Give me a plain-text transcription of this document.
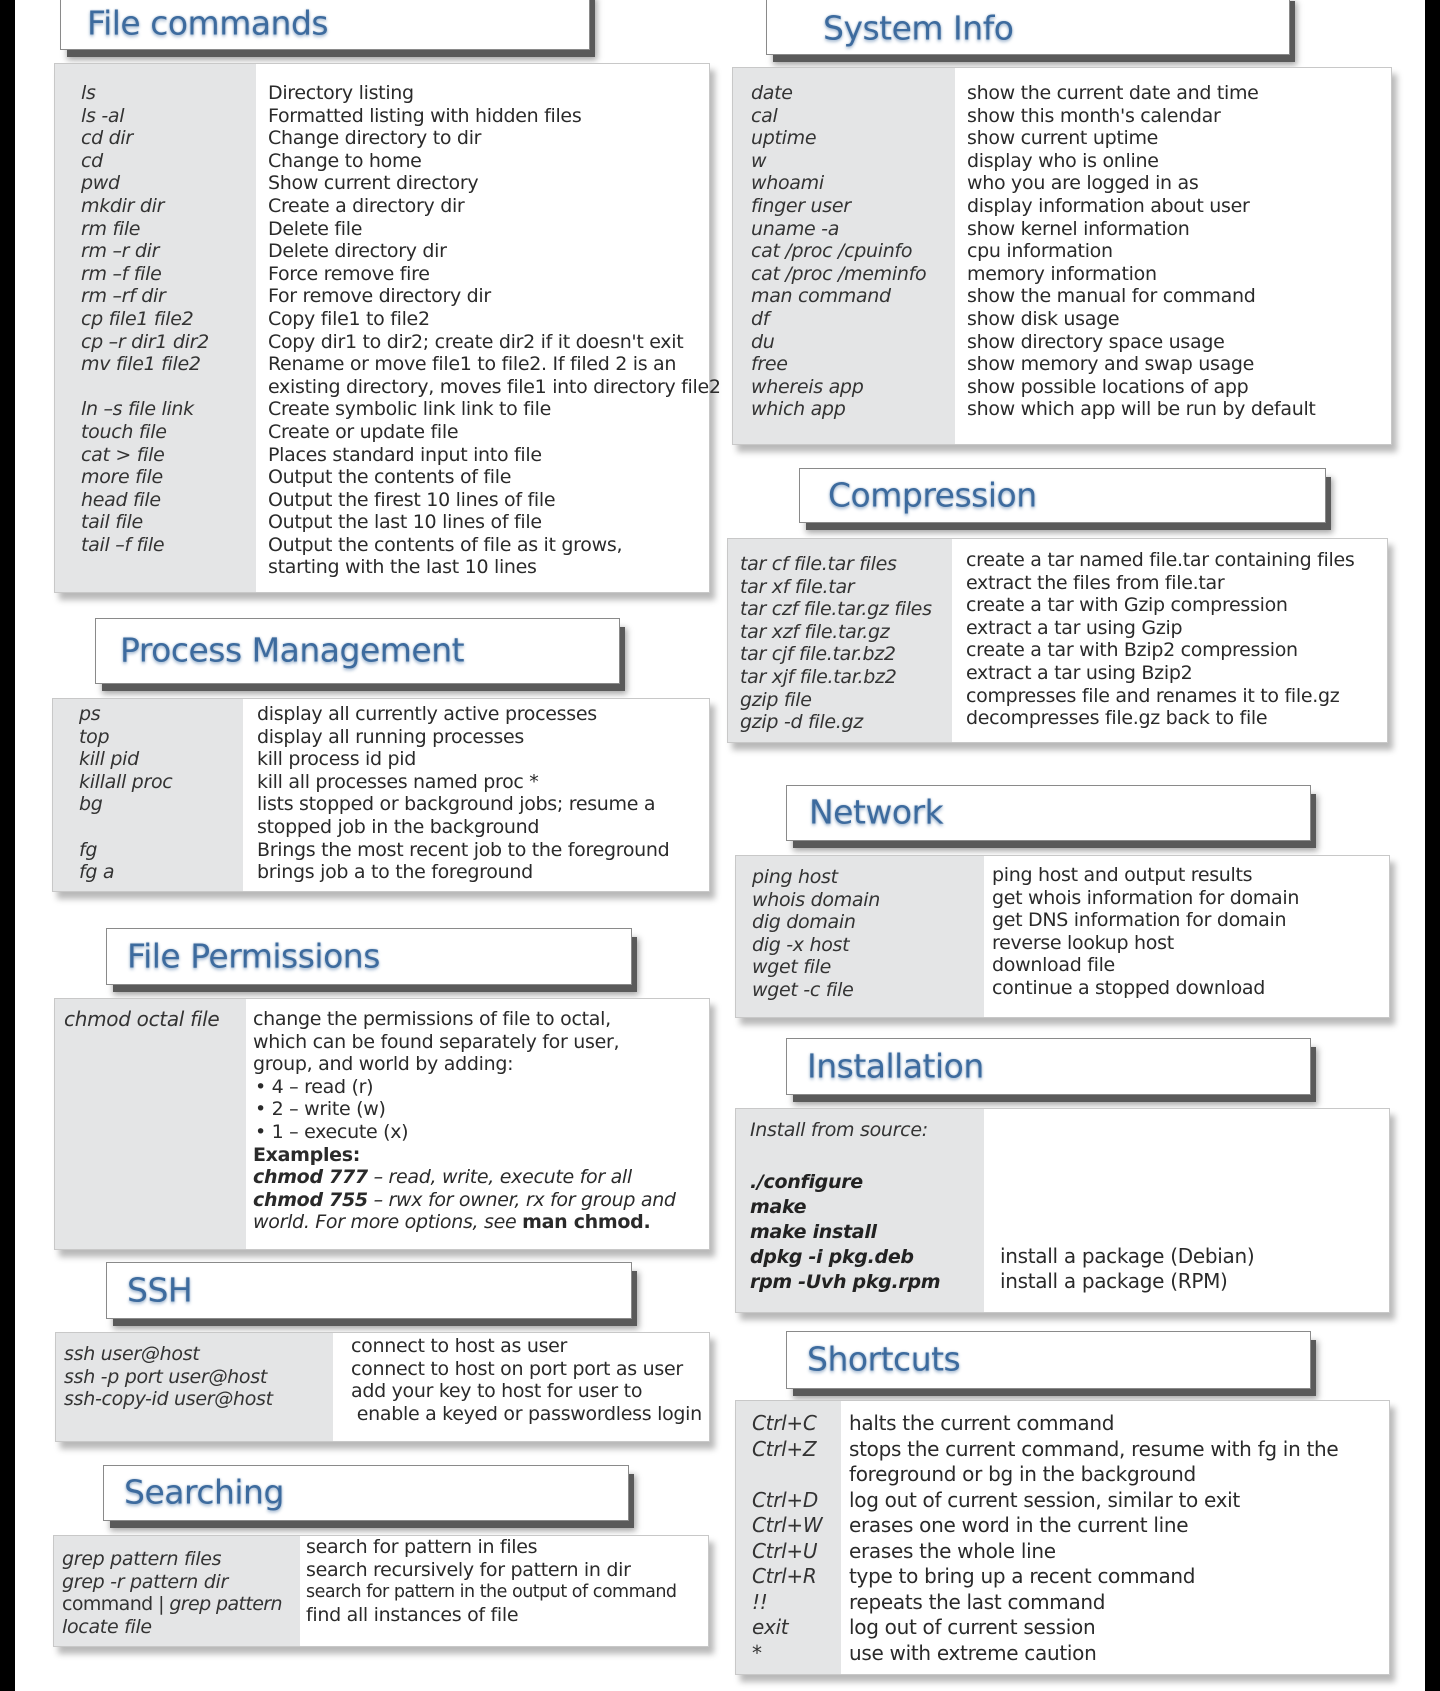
File commands
ls
ls -al
cd dir
cd
pwd
mkdir dir
rm file
rm –r dir
rm –f file
rm –rf dir
cp file1 file2
cp –r dir1 dir2
mv file1 file2
ln –s file link
touch file
cat > file
more file
head file
tail file
tail –f file
Directory listing
Formatted listing with hidden files
Change directory to dir
Change to home
Show current directory
Create a directory dir
Delete file
Delete directory dir
Force remove fire
For remove directory dir
Copy file1 to file2
Copy dir1 to dir2; create dir2 if it doesn't exit
Rename or move file1 to file2. If filed 2 is an
existing directory, moves file1 into directory file2
Create symbolic link link to file
Create or update file
Places standard input into file
Output the contents of file
Output the firest 10 lines of file
Output the last 10 lines of file
Output the contents of file as it grows,
starting with the last 10 lines
System Info
date
cal
uptime
w
whoami
finger user
uname -a
cat /proc /cpuinfo
cat /proc /meminfo
man command
df
du
free
whereis app
which app
show the current date and time
show this month's calendar
show current uptime
display who is online
who you are logged in as
display information about user
show kernel information
cpu information
memory information
show the manual for command
show disk usage
show directory space usage
show memory and swap usage
show possible locations of app
show which app will be run by default
Process Management
ps
top
kill pid
killall proc
bg
fg
fg a
display all currently active processes
display all running processes
kill process id pid
kill all processes named proc *
lists stopped or background jobs; resume a
stopped job in the background
Brings the most recent job to the foreground
brings job a to the foreground
Compression
tar cf file.tar files
tar xf file.tar
tar czf file.tar.gz files
tar xzf file.tar.gz
tar cjf file.tar.bz2
tar xjf file.tar.bz2
gzip file
gzip -d file.gz
create a tar named file.tar containing files
extract the files from file.tar
create a tar with Gzip compression
extract a tar using Gzip
create a tar with Bzip2 compression
extract a tar using Bzip2
compresses file and renames it to file.gz
decompresses file.gz back to file
File Permissions
chmod octal file	change the permissions of file to octal,
which can be found separately for user,
group, and world by adding:
• 4 – read (r)
• 2 – write (w)
• 1 – execute (x)
Examples:
chmod 777 – read, write, execute for all
chmod 755 – rwx for owner, rx for group and
world. For more options, see man chmod.
Network
ping host
whois domain
dig domain
dig -x host
wget file
wget -c file
ping host and output results
get whois information for domain
get DNS information for domain
reverse lookup host
download file
continue a stopped download
SSH
ssh user@host
ssh -p port user@host
ssh-copy-id user@host
connect to host as user
connect to host on port port as user
add your key to host for user to
enable a keyed or passwordless login
Installation
Install from source:
./configure
make
make install
dpkg -i pkg.deb
rpm -Uvh pkg.rpm
install a package (Debian)
install a package (RPM)
Searching
grep pattern files
grep -r pattern dir
command | grep pattern
locate file
search for pattern in files
search recursively for pattern in dir
search for pattern in the output of command
find all instances of file
Shortcuts
Ctrl+C
Ctrl+Z
Ctrl+D
Ctrl+W
Ctrl+U
Ctrl+R
!!
exit
*
halts the current command
stops the current command, resume with fg in the
foreground or bg in the background
log out of current session, similar to exit
erases one word in the current line
erases the whole line
type to bring up a recent command
repeats the last command
log out of current session
use with extreme caution
